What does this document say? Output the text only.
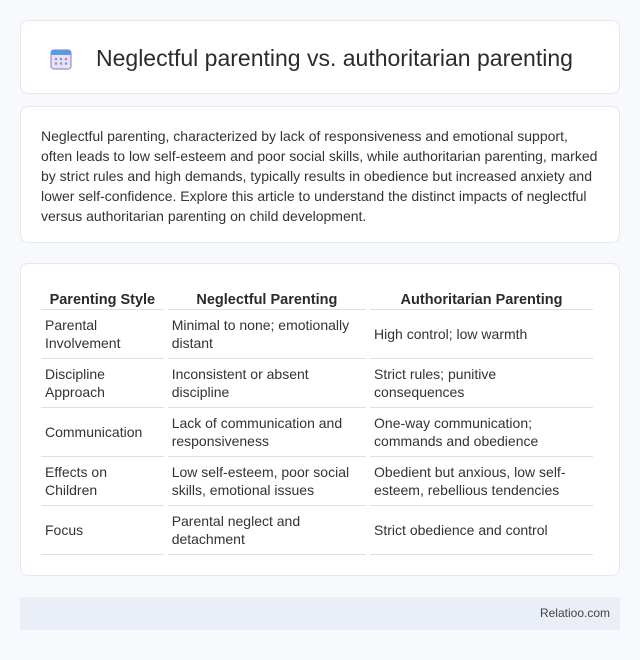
Neglectful parenting vs. authoritarian parenting

Neglectful parenting, characterized by lack of responsiveness and emotional support, often leads to low self-esteem and poor social skills, while authoritarian parenting, marked by strict rules and high demands, typically results in obedience but increased anxiety and lower self-confidence. Explore this article to understand the distinct impacts of neglectful versus authoritarian parenting on child development.

Parenting Style	Neglectful Parenting	Authoritarian Parenting
Parental Involvement	Minimal to none; emotionally distant	High control; low warmth
Discipline Approach	Inconsistent or absent discipline	Strict rules; punitive consequences
Communication	Lack of communication and responsiveness	One-way communication; commands and obedience
Effects on Children	Low self-esteem, poor social skills, emotional issues	Obedient but anxious, low self-esteem, rebellious tendencies
Focus	Parental neglect and detachment	Strict obedience and control
Relatioo.com
